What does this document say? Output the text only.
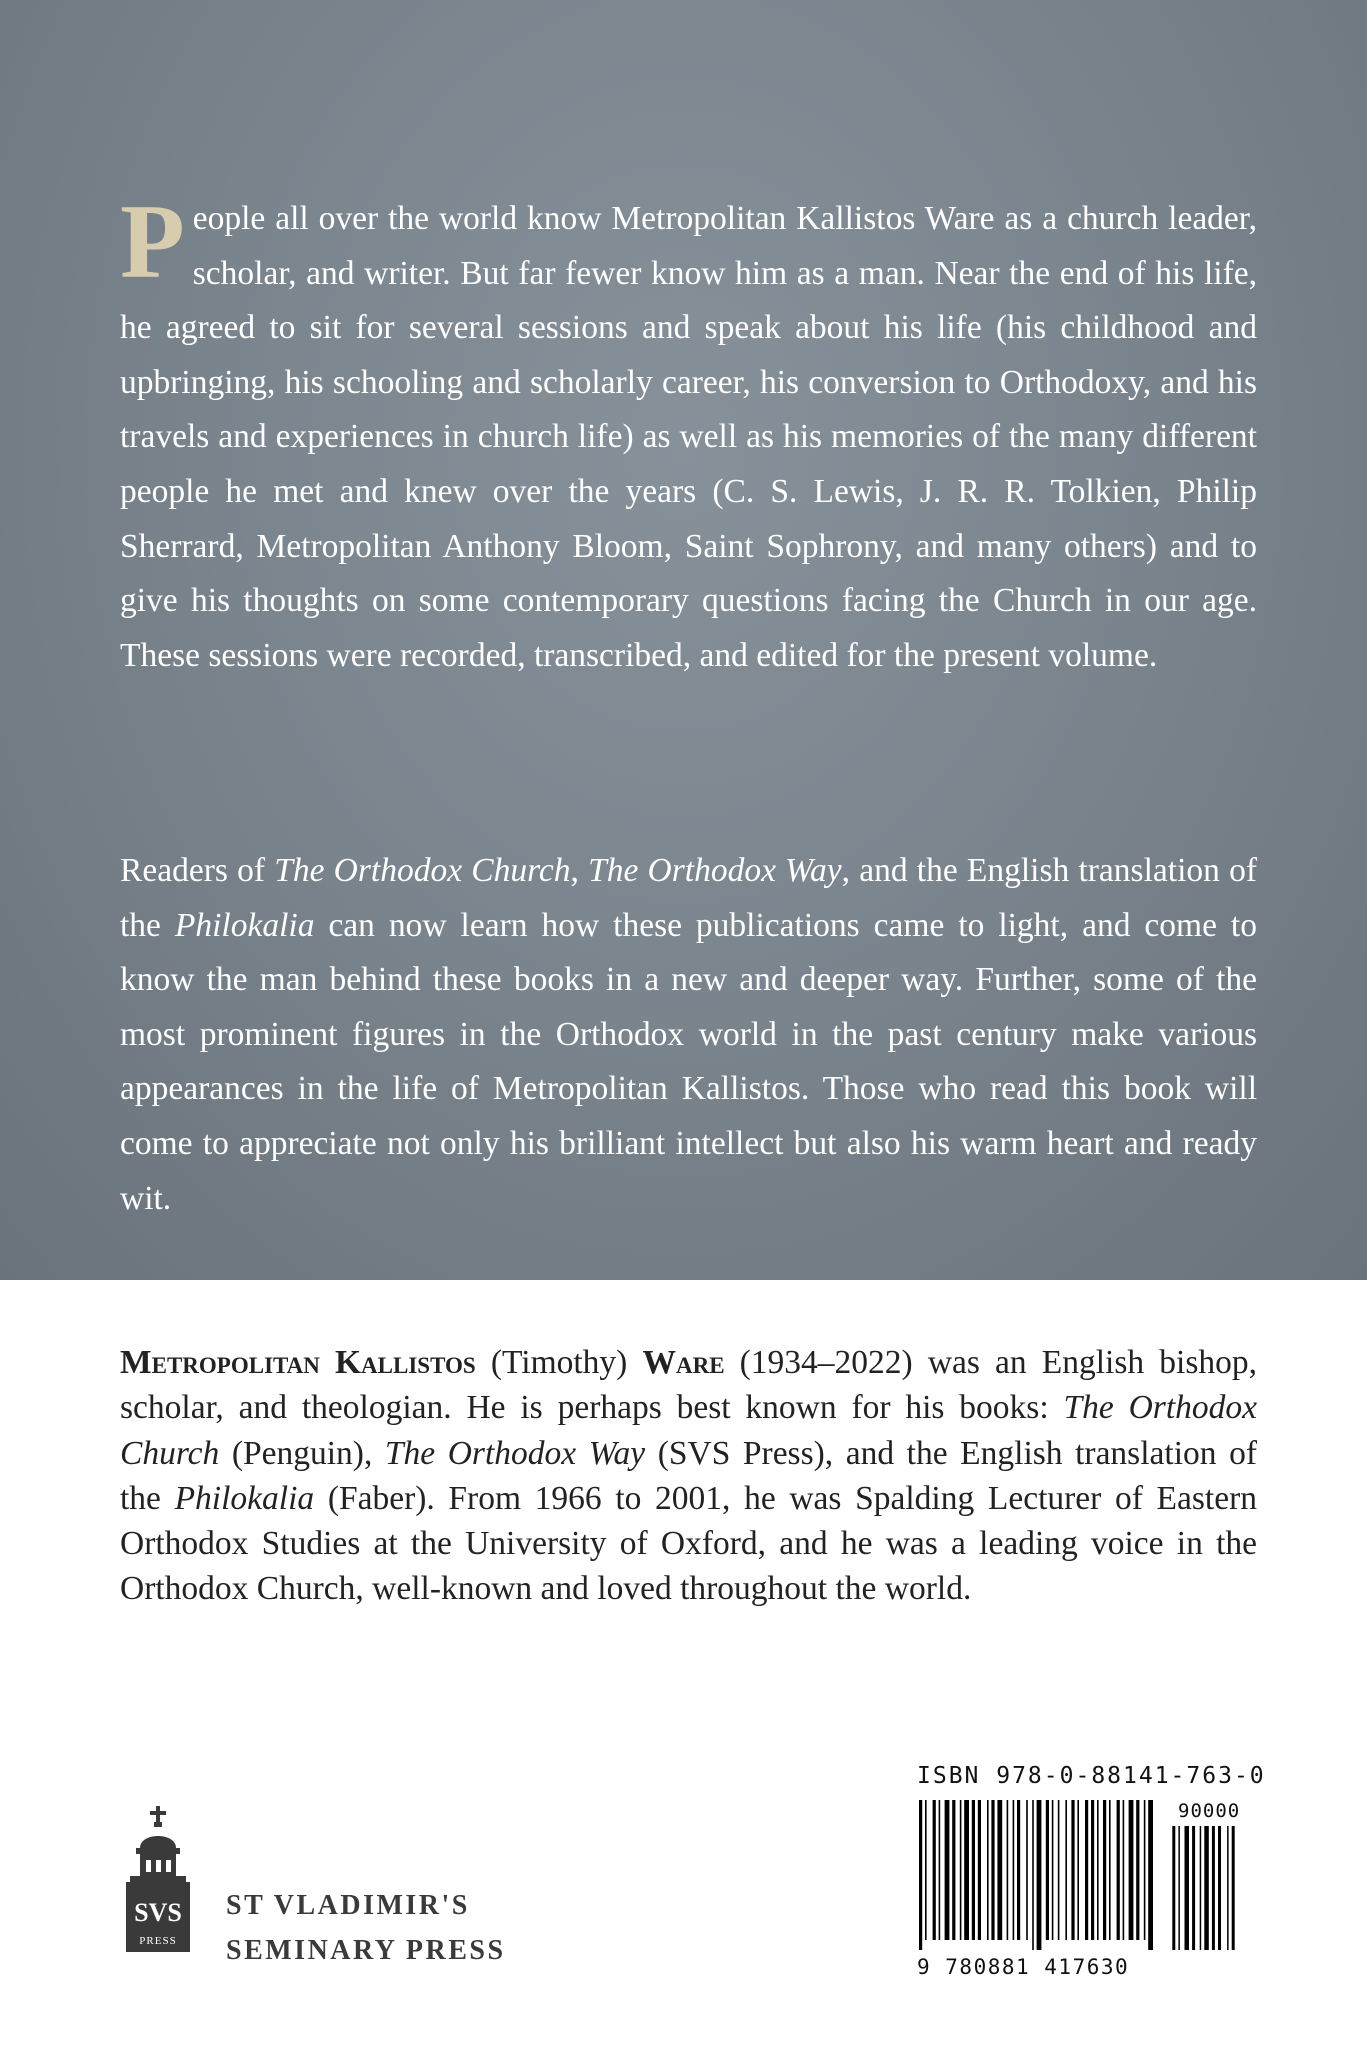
People all over the world know Metropolitan Kallistos Ware as a church leader, scholar, and writer. But far fewer know him as a man. Near the end of his life, he agreed to sit for several sessions and speak about his life (his childhood and upbringing, his schooling and scholarly career, his conversion to Orthodoxy, and his travels and experiences in church life) as well as his memories of the many different people he met and knew over the years (C. S. Lewis, J. R. R. Tolkien, Philip Sherrard, Metropolitan Anthony Bloom, Saint Sophrony, and many others) and to give his thoughts on some contemporary questions facing the Church in our age. These sessions were recorded, transcribed, and edited for the present volume.

Readers of The Orthodox Church, The Orthodox Way, and the English translation of the Philokalia can now learn how these publications came to light, and come to know the man behind these books in a new and deeper way. Further, some of the most prominent figures in the Orthodox world in the past century make various appearances in the life of Metropolitan Kallistos. Those who read this book will come to appreciate not only his brilliant intellect but also his warm heart and ready wit.

Metropolitan Kallistos (Timothy) Ware (1934–2022) was an English bishop, scholar, and theologian. He is perhaps best known for his books: The Orthodox Church (Penguin), The Orthodox Way (SVS Press), and the English translation of the Philokalia (Faber). From 1966 to 2001, he was Spalding Lecturer of Eastern Orthodox Studies at the University of Oxford, and he was a leading voice in the Orthodox Church, well-known and loved throughout the world.

SVS
PRESS
ST VLADIMIR'S
SEMINARY PRESS
ISBN 978-0-88141-763-0
90000
9 780881 417630
